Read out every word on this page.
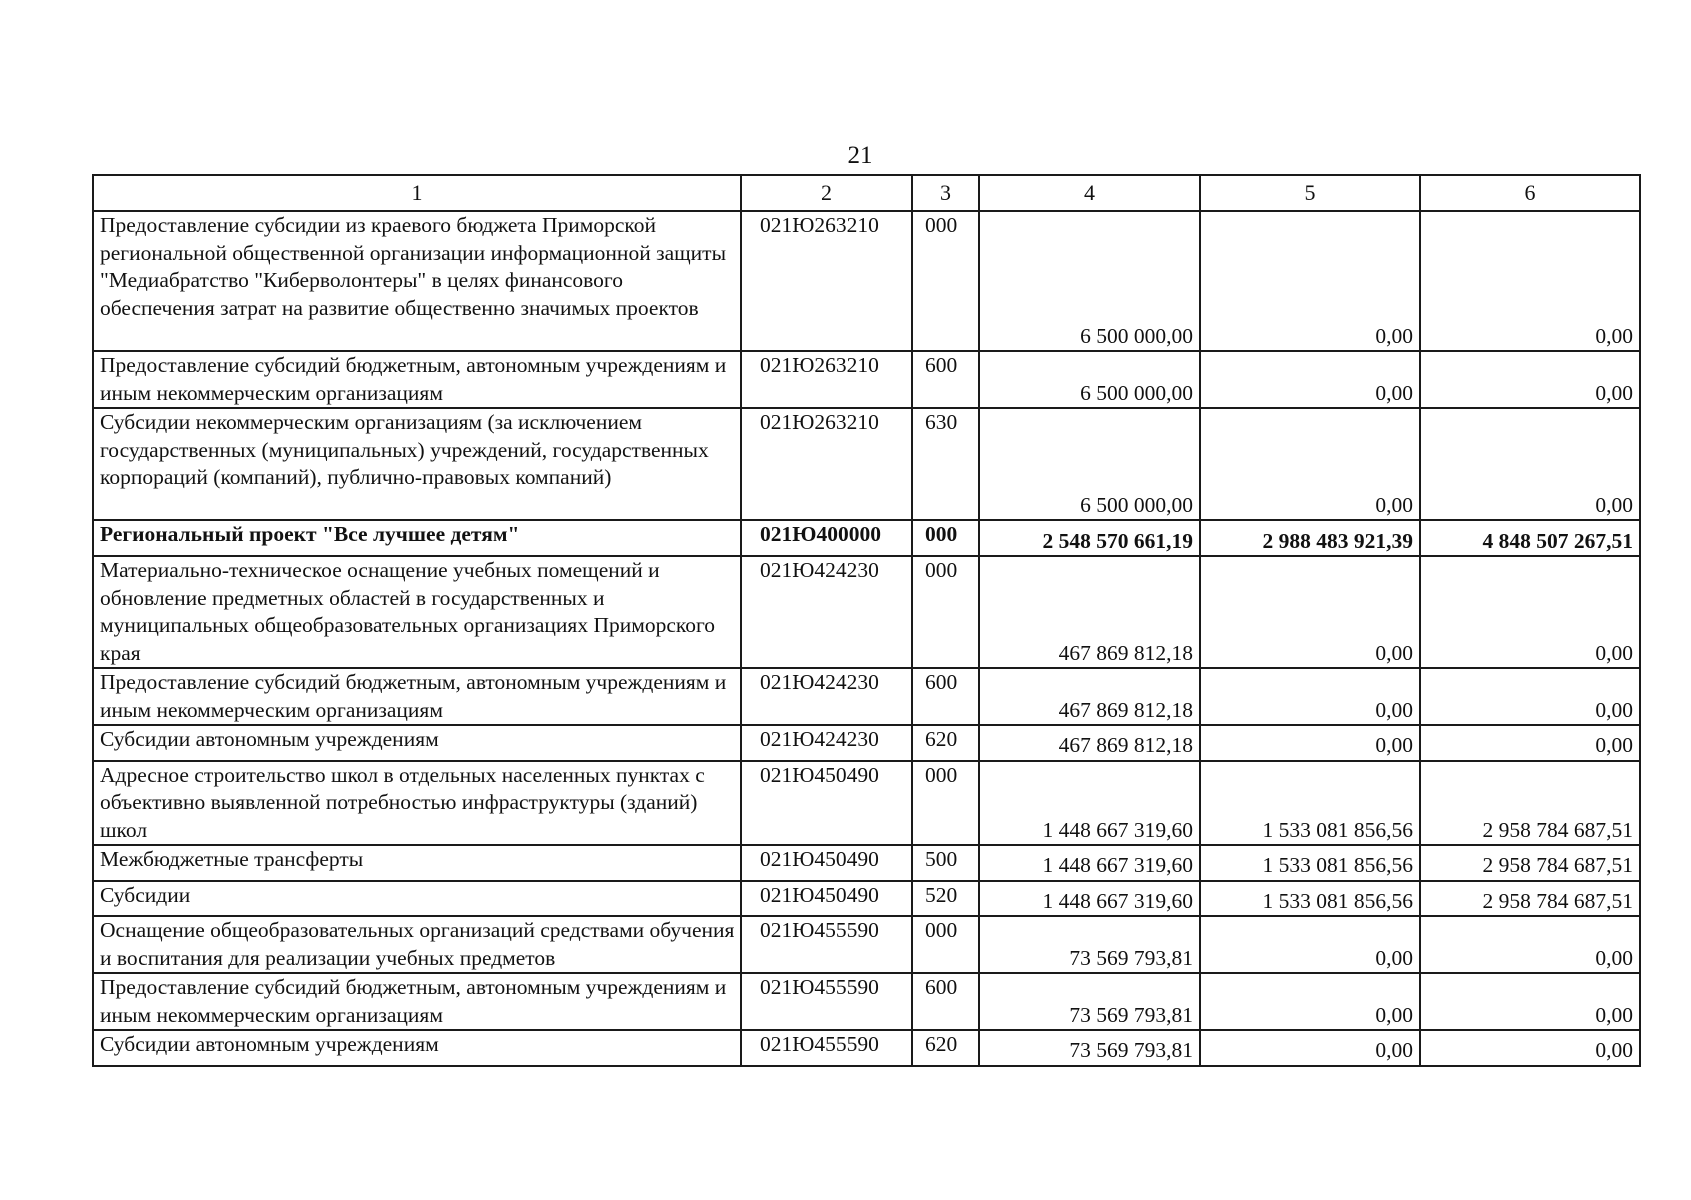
21
1	2	3	4	5	6
Предоставление субсидии из краевого бюджета Приморской региональной общественной организации информационной защиты "Медиабратство "Киберволонтеры" в целях финансового обеспечения затрат на развитие общественно значимых проектов	021Ю263210	000	6 500 000,00	0,00	0,00
Предоставление субсидий бюджетным, автономным учреждениям и иным некоммерческим организациям	021Ю263210	600	6 500 000,00	0,00	0,00
Субсидии некоммерческим организациям (за исключением государственных (муниципальных) учреждений, государственных корпораций (компаний), публично-правовых компаний)	021Ю263210	630	6 500 000,00	0,00	0,00
Региональный проект "Все лучшее детям"	021Ю400000	000	2 548 570 661,19	2 988 483 921,39	4 848 507 267,51
Материально-техническое оснащение учебных помещений и обновление предметных областей в государственных и муниципальных общеобразовательных организациях Приморского края	021Ю424230	000	467 869 812,18	0,00	0,00
Предоставление субсидий бюджетным, автономным учреждениям и иным некоммерческим организациям	021Ю424230	600	467 869 812,18	0,00	0,00
Субсидии автономным учреждениям	021Ю424230	620	467 869 812,18	0,00	0,00
Адресное строительство школ в отдельных населенных пунктах с объективно выявленной потребностью инфраструктуры (зданий) школ	021Ю450490	000	1 448 667 319,60	1 533 081 856,56	2 958 784 687,51
Межбюджетные трансферты	021Ю450490	500	1 448 667 319,60	1 533 081 856,56	2 958 784 687,51
Субсидии	021Ю450490	520	1 448 667 319,60	1 533 081 856,56	2 958 784 687,51
Оснащение общеобразовательных организаций средствами обучения и воспитания для реализации учебных предметов	021Ю455590	000	73 569 793,81	0,00	0,00
Предоставление субсидий бюджетным, автономным учреждениям и иным некоммерческим организациям	021Ю455590	600	73 569 793,81	0,00	0,00
Субсидии автономным учреждениям	021Ю455590	620	73 569 793,81	0,00	0,00
